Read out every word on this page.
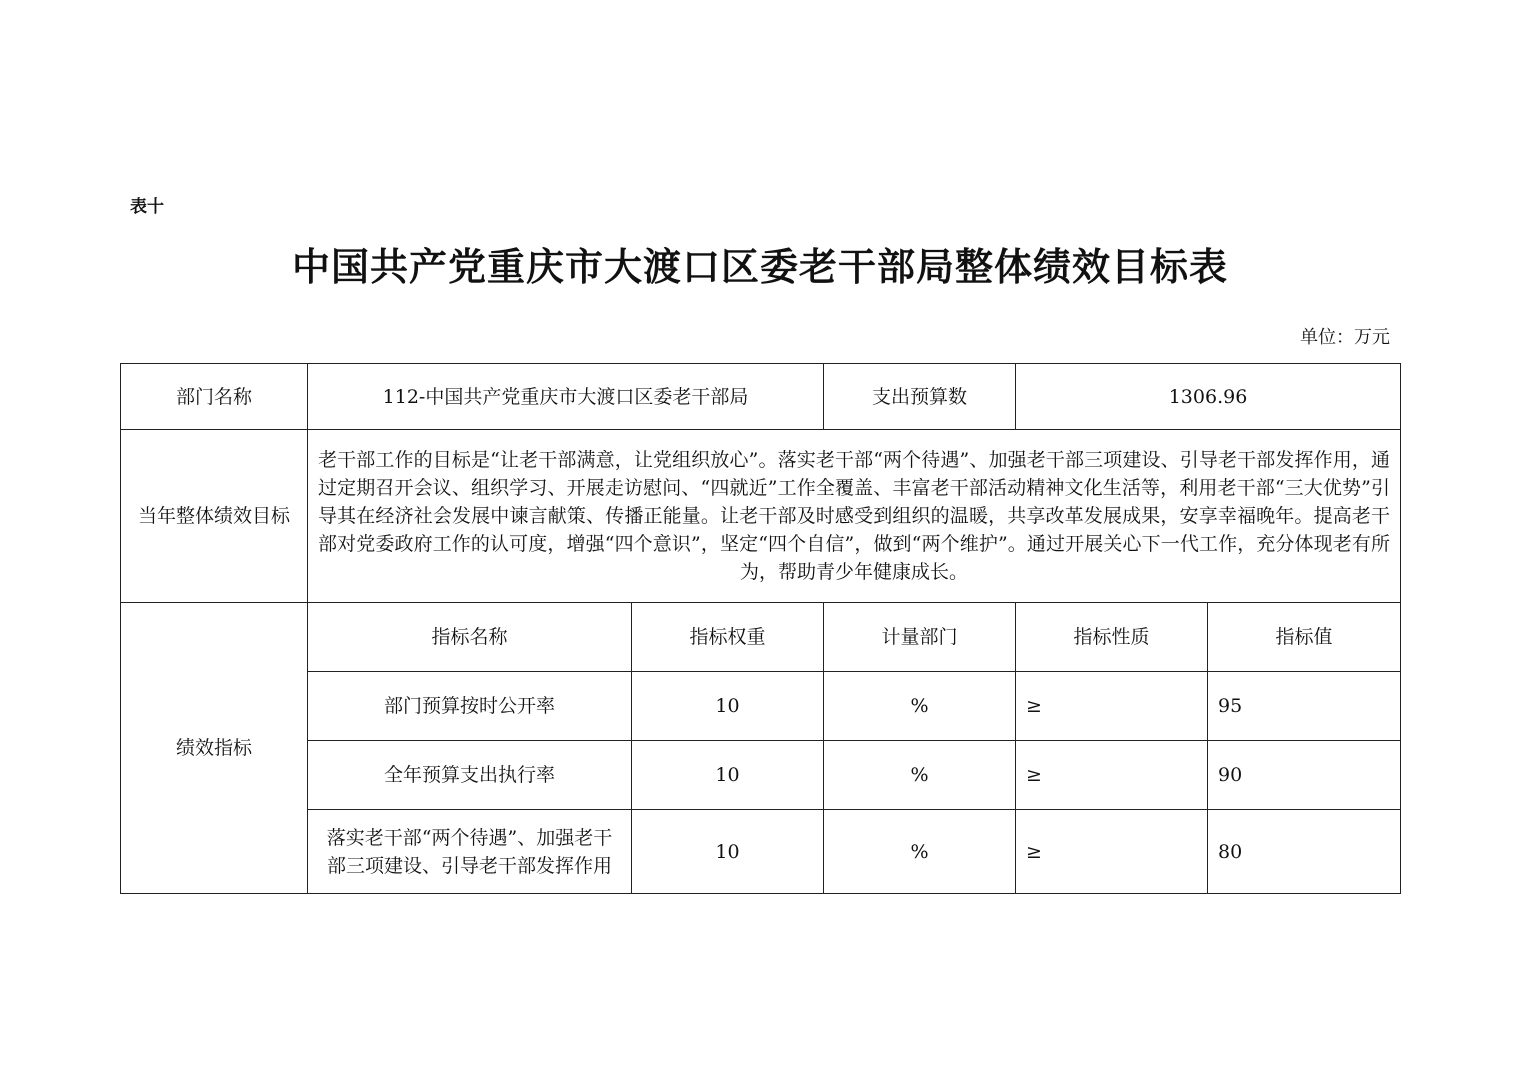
表十
中国共产党重庆市大渡口区委老干部局整体绩效目标表
单位：万元
部门名称	112-中国共产党重庆市大渡口区委老干部局		支出预算数	1306.96	
当年整体绩效目标	老干部工作的目标是“让老干部满意，让党组织放心”。落实老干部“两个待遇”、加强老干部三项建设、引导老干部发挥作用，通过定期召开会议、组织学习、开展走访慰问、“四就近”工作全覆盖、丰富老干部活动精神文化生活等，利用老干部“三大优势”引导其在经济社会发展中谏言献策、传播正能量。让老干部及时感受到组织的温暖，共享改革发展成果，安享幸福晚年。提高老干部对党委政府工作的认可度，增强“四个意识”，坚定“四个自信”，做到“两个维护”。通过开展关心下一代工作，充分体现老有所为，帮助青少年健康成长。				
绩效指标	指标名称	指标权重	计量部门	指标性质	指标值
	部门预算按时公开率	10	%	≥	95
	全年预算支出执行率	10	%	≥	90
	落实老干部“两个待遇”、加强老干部三项建设、引导老干部发挥作用	10	%	≥	80
